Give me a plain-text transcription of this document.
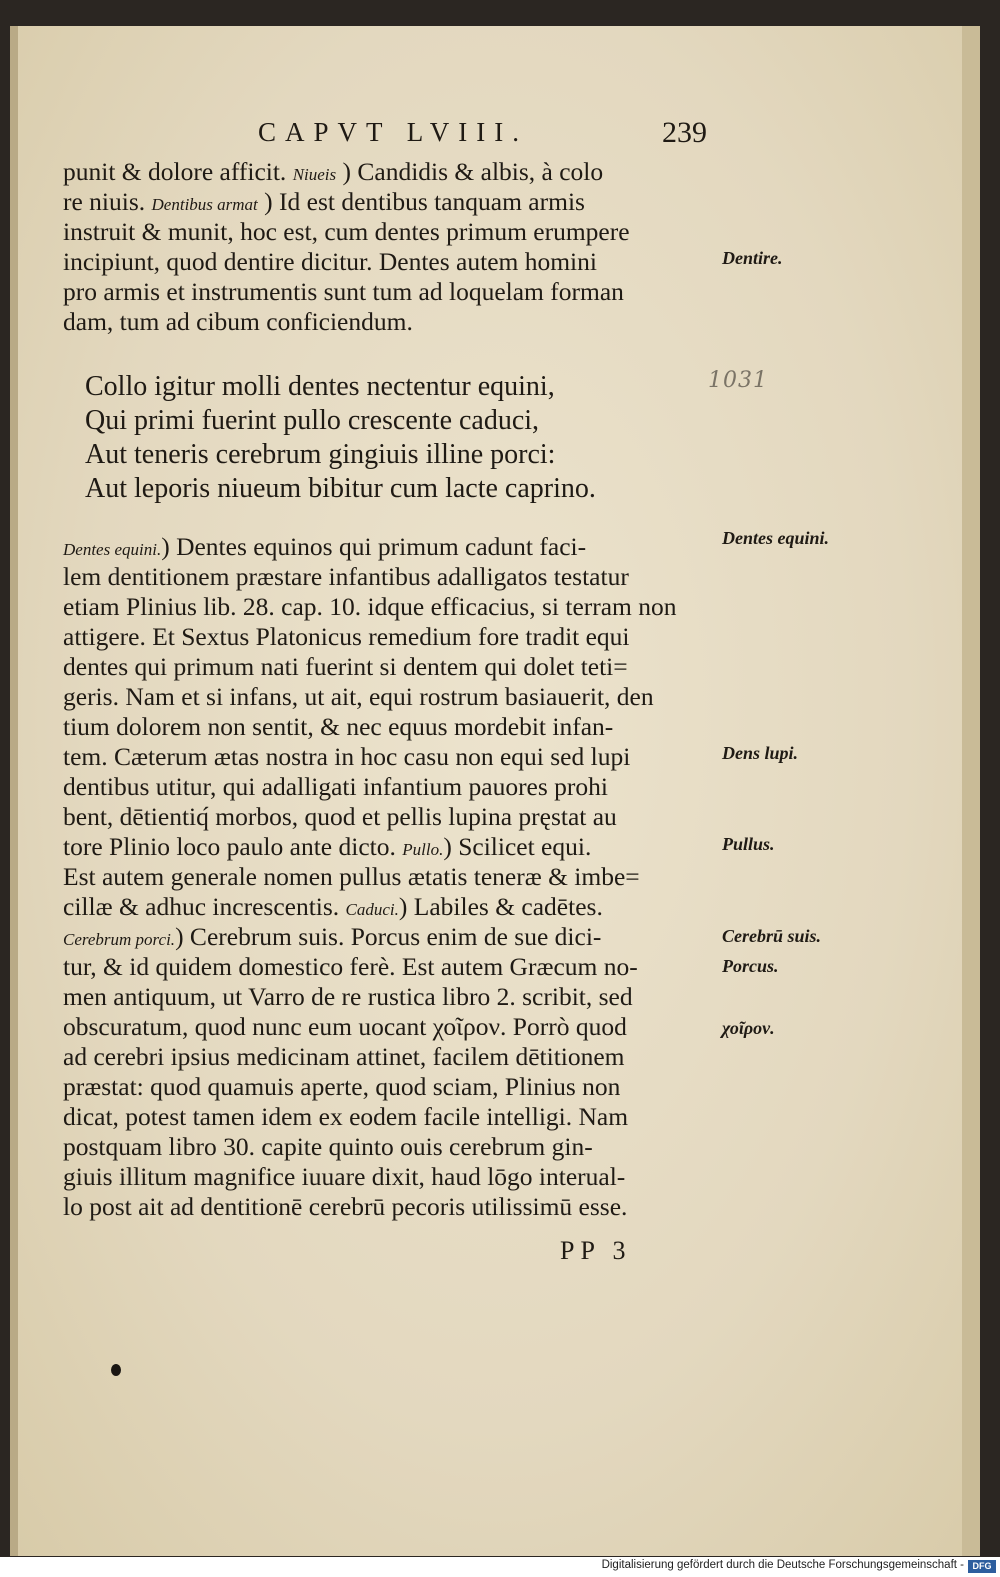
CAPVT LVIII.	239
punit & dolore afficit. Niueis ) Candidis & albis, à colo
re niuis. Dentibus armat ) Id est dentibus tanquam armis
instruit & munit, hoc est, cum dentes primum erumpere
incipiunt, quod dentire dicitur. Dentes autem homini
pro armis et instrumentis sunt tum ad loquelam forman
dam, tum ad cibum conficiendum.
Collo igitur molli dentes nectentur equini,
Qui primi fuerint pullo crescente caduci,
Aut teneris cerebrum gingiuis illine porci:
Aut leporis niueum bibitur cum lacte caprino.
1031
Dentes equini.) Dentes equinos qui primum cadunt faci-
lem dentitionem præstare infantibus adalligatos testatur
etiam Plinius lib. 28. cap. 10. idque efficacius, si terram non
attigere. Et Sextus Platonicus remedium fore tradit equi
dentes qui primum nati fuerint si dentem qui dolet teti=
geris. Nam et si infans, ut ait, equi rostrum basiauerit, den
tium dolorem non sentit, & nec equus mordebit infan-
tem. Cæterum ætas nostra in hoc casu non equi sed lupi
dentibus utitur, qui adalligati infantium pauores prohi
bent, dētientiq́ morbos, quod et pellis lupina pręstat au
tore Plinio loco paulo ante dicto. Pullo.) Scilicet equi.
Est autem generale nomen pullus ætatis teneræ & imbe=
cillæ & adhuc increscentis. Caduci.) Labiles & cadētes.
Cerebrum porci.) Cerebrum suis. Porcus enim de sue dici-
tur, & id quidem domestico ferè. Est autem Græcum no-
men antiquum, ut Varro de re rustica libro 2. scribit, sed
obscuratum, quod nunc eum uocant χοῖρον. Porrò quod
ad cerebri ipsius medicinam attinet, facilem dētitionem
præstat: quod quamuis aperte, quod sciam, Plinius non
dicat, potest tamen idem ex eodem facile intelligi. Nam
postquam libro 30. capite quinto ouis cerebrum gin-
giuis illitum magnifice iuuare dixit, haud lōgo interual-
lo post ait ad dentitionē cerebrū pecoris utilissimū esse.
Dentire.
Dentes equini.
Dens lupi.
Pullus.
Cerebrū suis.
Porcus.
χοῖρον.
PP 3
Digitalisierung gefördert durch die Deutsche Forschungsgemeinschaft - DFG
